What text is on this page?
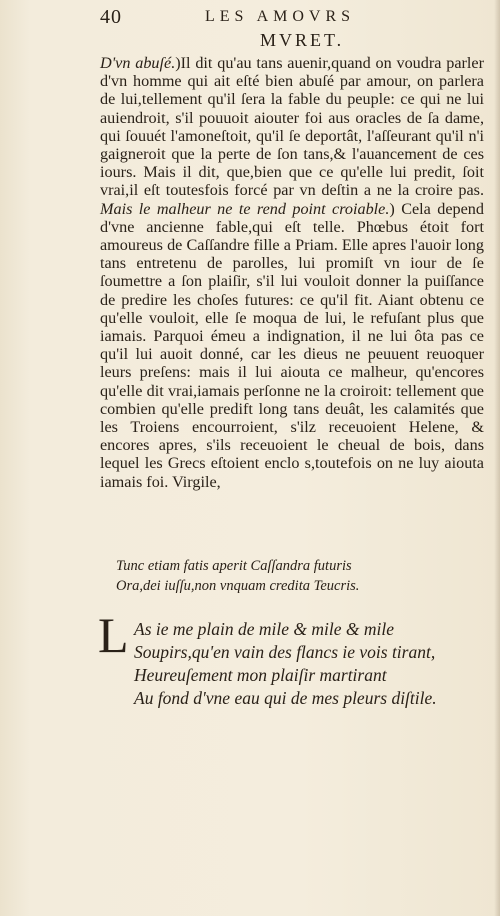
40	LES AMOVRS
MVRET.
D'vn abuſé.)Il dit qu'au tans auenir,quand on voudra parler d'vn homme qui ait eſté bien abuſé par amour, on parlera de lui,tellement qu'il ſera la fable du peuple: ce qui ne lui auiendroit, s'il pouuoit aiouter foi aus oracles de ſa dame, qui ſouuét l'amoneſtoit, qu'il ſe deportât, l'aſſeurant qu'il n'i gaigneroit que la perte de ſon tans,& l'auancement de ces iours. Mais il dit, que,bien que ce qu'elle lui predit, ſoit vrai,il eſt toutesfois forcé par vn deſtin a ne la croire pas. Mais le malheur ne te rend point croiable.) Cela depend d'vne ancienne fable,qui eſt telle. Phœbus étoit fort amoureus de Caſſandre fille a Priam. Elle apres l'auoir long tans entretenu de parolles, lui promiſt vn iour de ſe ſoumettre a ſon plaiſir, s'il lui vouloit donner la puiſſance de predire les choſes futures: ce qu'il fit. Aiant obtenu ce qu'elle vouloit, elle ſe moqua de lui, le refuſant plus que iamais. Parquoi émeu a indignation, il ne lui ôta pas ce qu'il lui auoit donné, car les dieus ne peuuent reuoquer leurs preſens: mais il lui aiouta ce malheur, qu'encores qu'elle dit vrai,iamais perſonne ne la croiroit: tellement que combien qu'elle predift long tans deuât, les calamités que les Troiens encourroient, s'ilz receuoient Helene, & encores apres, s'ils receuoient le cheual de bois, dans lequel les Grecs eſtoient enclo s,toutefois on ne luy aiouta iamais foi. Virgile,
Tunc etiam fatis aperit Caſſandra futuris
Ora,dei iuſſu,non vnquam credita Teucris.
L As ie me plain de mile & mile & mile
Soupirs,qu'en vain des flancs ie vois tirant,
Heureuſement mon plaiſir martirant
Au fond d'vne eau qui de mes pleurs diſtile.
